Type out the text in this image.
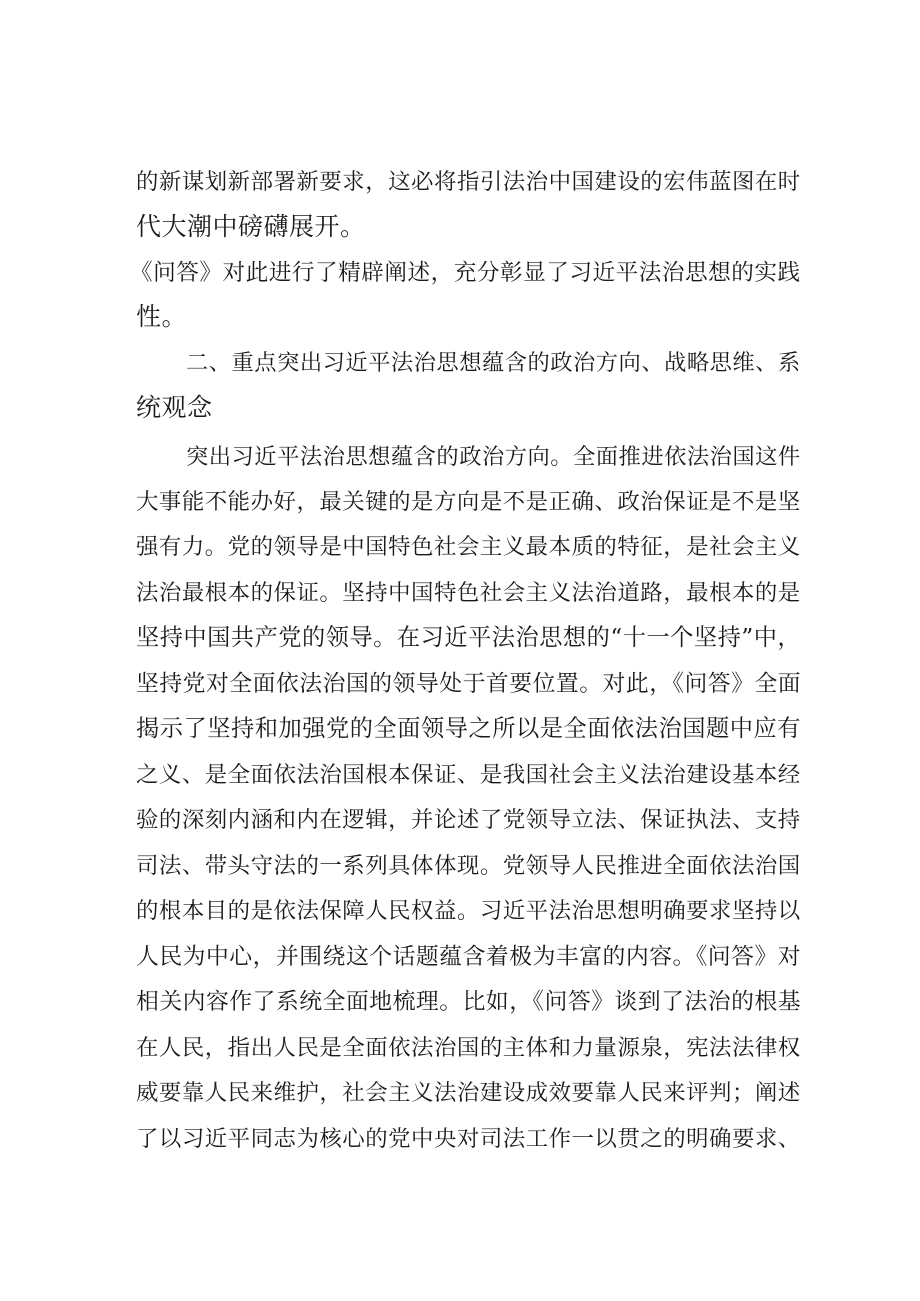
的新谋划新部署新要求，这必将指引法治中国建设的宏伟蓝图在时
代大潮中磅礴展开。
《问答》对此进行了精辟阐述，充分彰显了习近平法治思想的实践
性。
二、重点突出习近平法治思想蕴含的政治方向、战略思维、系
统观念
突出习近平法治思想蕴含的政治方向。全面推进依法治国这件
大事能不能办好，最关键的是方向是不是正确、政治保证是不是坚
强有力。党的领导是中国特色社会主义最本质的特征，是社会主义
法治最根本的保证。坚持中国特色社会主义法治道路，最根本的是
坚持中国共产党的领导。在习近平法治思想的“十一个坚持”中，
坚持党对全面依法治国的领导处于首要位置。对此，《问答》全面
揭示了坚持和加强党的全面领导之所以是全面依法治国题中应有
之义、是全面依法治国根本保证、是我国社会主义法治建设基本经
验的深刻内涵和内在逻辑，并论述了党领导立法、保证执法、支持
司法、带头守法的一系列具体体现。党领导人民推进全面依法治国
的根本目的是依法保障人民权益。习近平法治思想明确要求坚持以
人民为中心，并围绕这个话题蕴含着极为丰富的内容。《问答》对
相关内容作了系统全面地梳理。比如，《问答》谈到了法治的根基
在人民，指出人民是全面依法治国的主体和力量源泉，宪法法律权
威要靠人民来维护，社会主义法治建设成效要靠人民来评判；阐述
了以习近平同志为核心的党中央对司法工作一以贯之的明确要求、
